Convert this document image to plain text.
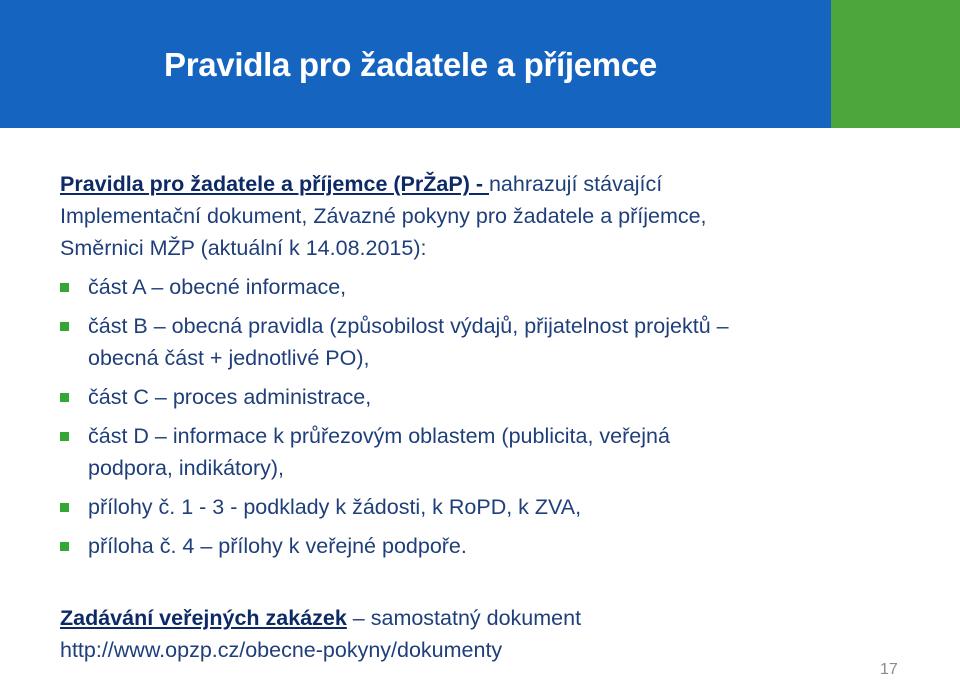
Pravidla pro žadatele a příjemce
Pravidla pro žadatele a příjemce (PrŽaP) - nahrazují stávající
Implementační dokument, Závazné pokyny pro žadatele a příjemce,
Směrnici MŽP (aktuální k 14.08.2015):
část A – obecné informace,
část B – obecná pravidla (způsobilost výdajů, přijatelnost projektů –
obecná část + jednotlivé PO),
část C – proces administrace,
část D – informace k průřezovým oblastem (publicita, veřejná
podpora, indikátory),
přílohy č. 1 - 3 - podklady k žádosti, k RoPD, k ZVA,
příloha č. 4 – přílohy k veřejné podpoře.
Zadávání veřejných zakázek – samostatný dokument
http://www.opzp.cz/obecne-pokyny/dokumenty
17
